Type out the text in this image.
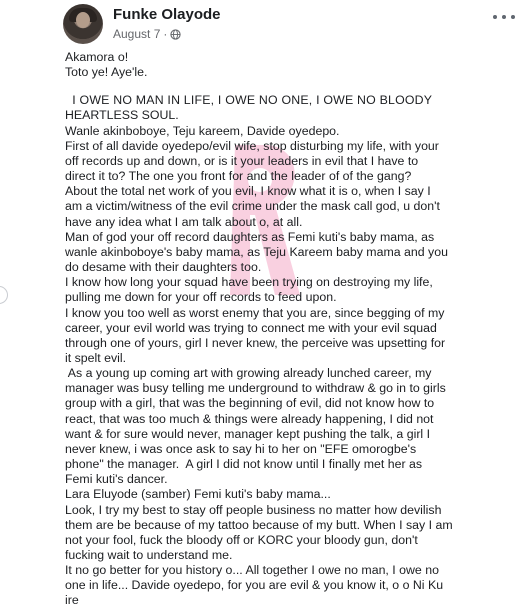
Funke Olayode
August 7 ·

Akamora o!

Toto ye! Aye'le.

I OWE NO MAN IN LIFE, I OWE NO ONE, I OWE NO BLOODY

HEARTLESS SOUL.

Wanle akinboboye, Teju kareem, Davide oyedepo.

First of all davide oyedepo/evil wife, stop disturbing my life, with your

off records up and down, or is it your leaders in evil that I have to

direct it to? The one you front for and the leader of of the gang?

About the total net work of you evil, I know what it is o, when I say I

am a victim/witness of the evil crime under the mask call god, u don't

have any idea what I am talk about o, at all.

Man of god your off record daughters as Femi kuti's baby mama, as

wanle akinboboye's baby mama, as Teju Kareem baby mama and you

do desame with their daughters too.

I know how long your squad have been trying on destroying my life,

pulling me down for your off records to feed upon.

I know you too well as worst enemy that you are, since begging of my

career, your evil world was trying to connect me with your evil squad

through one of yours, girl I never knew, the perceive was upsetting for

it spelt evil.

As a young up coming art with growing already lunched career, my

manager was busy telling me underground to withdraw & go in to girls

group with a girl, that was the beginning of evil, did not know how to

react, that was too much & things were already happening, I did not

want & for sure would never, manager kept pushing the talk, a girl I

never knew, i was once ask to say hi to her on "EFE omorogbe's

phone" the manager.  A girl I did not know until I finally met her as

Femi kuti's dancer.

Lara Eluyode (samber) Femi kuti's baby mama...

Look, I try my best to stay off people business no matter how devilish

them are be because of my tattoo because of my butt. When I say I am

not your fool, fuck the bloody off or KORC your bloody gun, don't

fucking wait to understand me.

It no go better for you history o... All together I owe no man, I owe no

one in life... Davide oyedepo, for you are evil & you know it, o o Ni Ku

ire
